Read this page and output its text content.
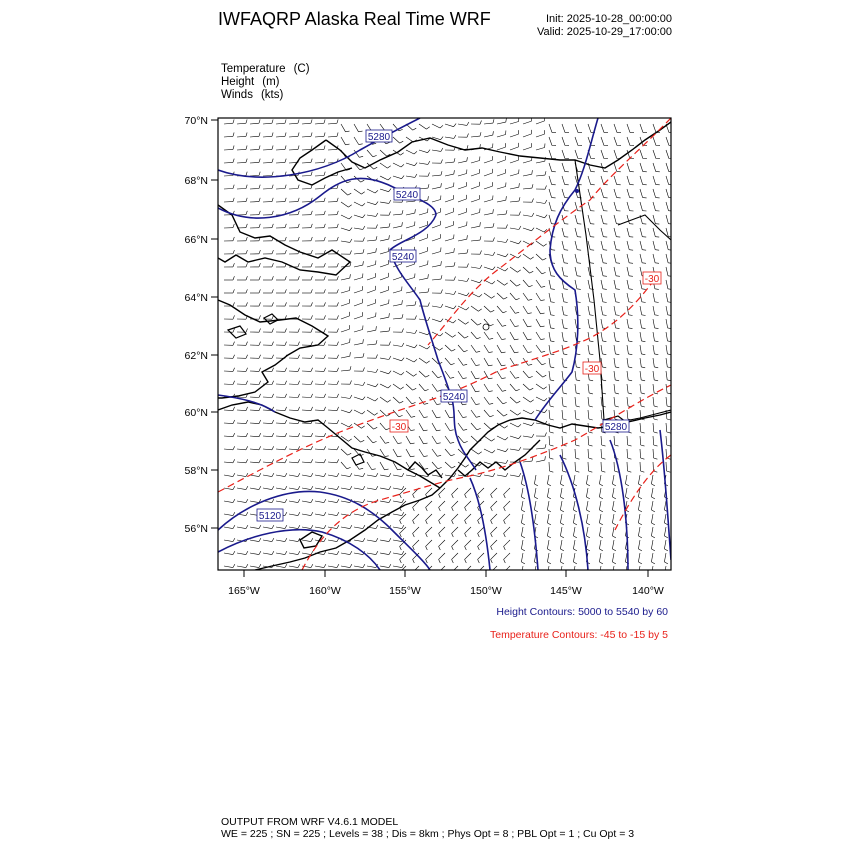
IWFAQRP Alaska Real Time WRF	Init: 2025-10-28_00:00:00
Valid: 2025-10-29_17:00:00
Temperature (C)
Height (m)
Winds (kts)
5280
5240
5240
5240
5120
5280
-30
-30
-30
70°N
68°N
66°N
64°N
62°N
60°N
58°N
56°N
165°W	160°W	155°W	150°W	145°W	140°W
Height Contours: 5000 to 5540 by 60
Temperature Contours: -45 to -15 by 5
OUTPUT FROM WRF V4.6.1 MODEL
WE = 225 ; SN = 225 ; Levels = 38 ; Dis = 8km ; Phys Opt = 8 ; PBL Opt = 1 ; Cu Opt = 3
